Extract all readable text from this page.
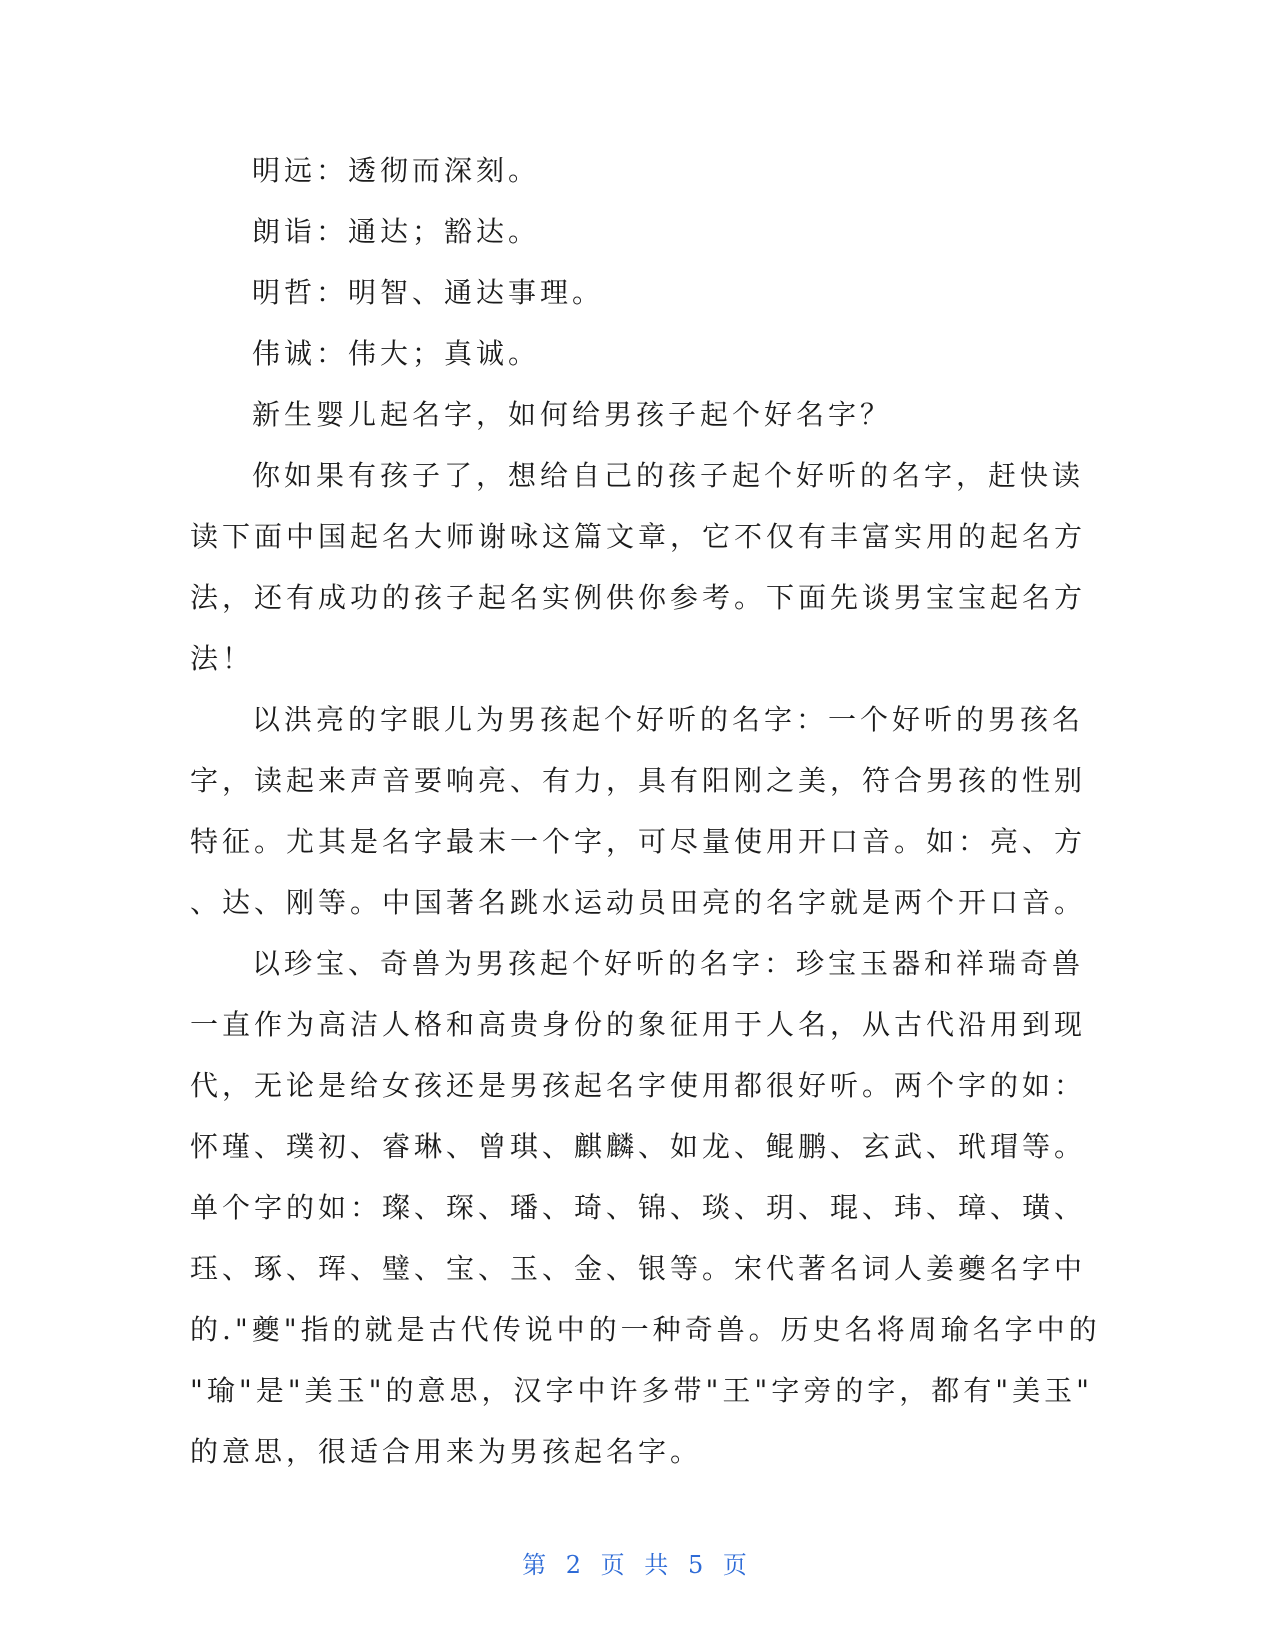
明远：透彻而深刻。

朗诣：通达；豁达。

明哲：明智、通达事理。

伟诚：伟大；真诚。

新生婴儿起名字，如何给男孩子起个好名字？

你如果有孩子了，想给自己的孩子起个好听的名字，赶快读

读下面中国起名大师谢咏这篇文章，它不仅有丰富实用的起名方

法，还有成功的孩子起名实例供你参考。下面先谈男宝宝起名方

法！

以洪亮的字眼儿为男孩起个好听的名字：一个好听的男孩名

字，读起来声音要响亮、有力，具有阳刚之美，符合男孩的性别

特征。尤其是名字最末一个字，可尽量使用开口音。如：亮、方

、达、刚等。中国著名跳水运动员田亮的名字就是两个开口音。

以珍宝、奇兽为男孩起个好听的名字：珍宝玉器和祥瑞奇兽

一直作为高洁人格和高贵身份的象征用于人名，从古代沿用到现

代，无论是给女孩还是男孩起名字使用都很好听。两个字的如：

怀瑾、璞初、睿琳、曾琪、麒麟、如龙、鲲鹏、玄武、玳瑁等。

单个字的如：璨、琛、璠、琦、锦、琰、玥、琨、玮、璋、璜、

珏、琢、珲、璧、宝、玉、金、银等。宋代著名词人姜夔名字中

的."夔"指的就是古代传说中的一种奇兽。历史名将周瑜名字中的

"瑜"是"美玉"的意思，汉字中许多带"王"字旁的字，都有"美玉"

的意思，很适合用来为男孩起名字。

第 2 页 共 5 页
